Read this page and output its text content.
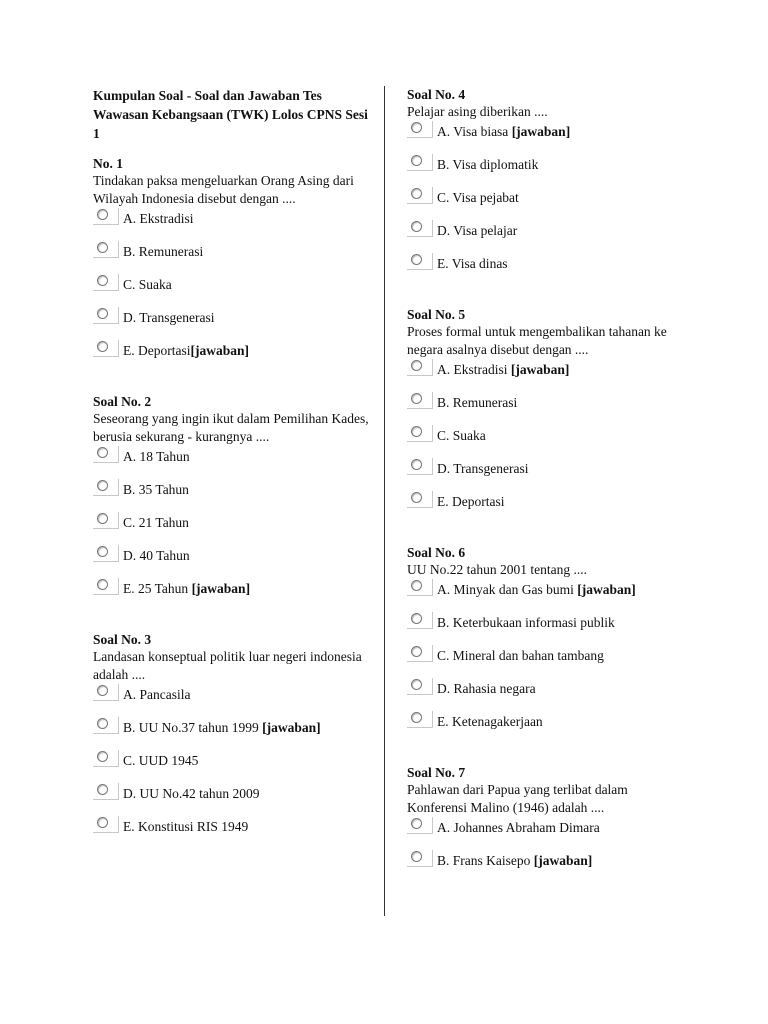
Kumpulan Soal - Soal dan Jawaban Tes Wawasan Kebangsaan (TWK) Lolos CPNS Sesi 1
No. 1
Tindakan paksa mengeluarkan Orang Asing dari Wilayah Indonesia disebut dengan ....
A. Ekstradisi
B. Remunerasi
C. Suaka
D. Transgenerasi
E. Deportasi[jawaban]
Soal No. 2
Seseorang yang ingin ikut dalam Pemilihan Kades, berusia sekurang - kurangnya ....
A. 18 Tahun
B. 35 Tahun
C. 21 Tahun
D. 40 Tahun
E. 25 Tahun [jawaban]
Soal No. 3
Landasan konseptual politik luar negeri indonesia adalah ....
A. Pancasila
B. UU No.37 tahun 1999 [jawaban]
C. UUD 1945
D. UU No.42 tahun 2009
E. Konstitusi RIS 1949
Soal No. 4
Pelajar asing diberikan ....
A. Visa biasa [jawaban]
B. Visa diplomatik
C. Visa pejabat
D. Visa pelajar
E. Visa dinas
Soal No. 5
Proses formal untuk mengembalikan tahanan ke negara asalnya disebut dengan ....
A. Ekstradisi [jawaban]
B. Remunerasi
C. Suaka
D. Transgenerasi
E. Deportasi
Soal No. 6
UU No.22 tahun 2001 tentang ....
A. Minyak dan Gas bumi [jawaban]
B. Keterbukaan informasi publik
C. Mineral dan bahan tambang
D. Rahasia negara
E. Ketenagakerjaan
Soal No. 7
Pahlawan dari Papua yang terlibat dalam Konferensi Malino (1946) adalah ....
A. Johannes Abraham Dimara
B. Frans Kaisepo [jawaban]
